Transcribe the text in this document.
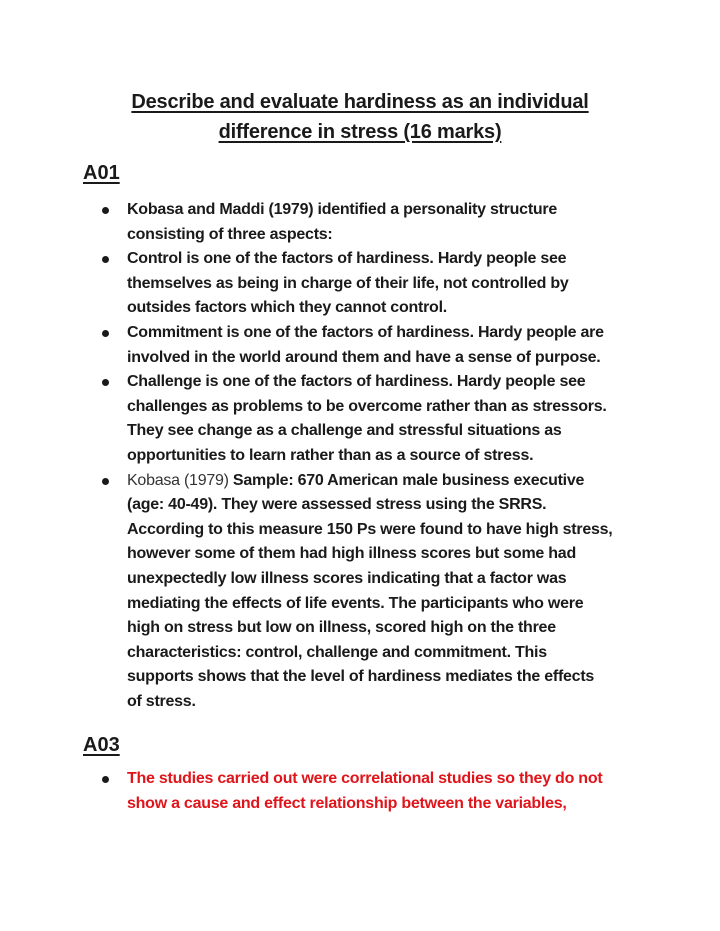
Describe and evaluate hardiness as an individual
difference in stress (16 marks)
A01
Kobasa and Maddi (1979) identified a personality structure
consisting of three aspects:
Control is one of the factors of hardiness. Hardy people see
themselves as being in charge of their life, not controlled by
outsides factors which they cannot control.
Commitment is one of the factors of hardiness. Hardy people are
involved in the world around them and have a sense of purpose.
Challenge is one of the factors of hardiness. Hardy people see
challenges as problems to be overcome rather than as stressors.
They see change as a challenge and stressful situations as
opportunities to learn rather than as a source of stress.
Kobasa (1979) Sample: 670 American male business executive
(age: 40-49). They were assessed stress using the SRRS.
According to this measure 150 Ps were found to have high stress,
however some of them had high illness scores but some had
unexpectedly low illness scores indicating that a factor was
mediating the effects of life events. The participants who were
high on stress but low on illness, scored high on the three
characteristics: control, challenge and commitment. This
supports shows that the level of hardiness mediates the effects
of stress.
A03
The studies carried out were correlational studies so they do not
show a cause and effect relationship between the variables,
